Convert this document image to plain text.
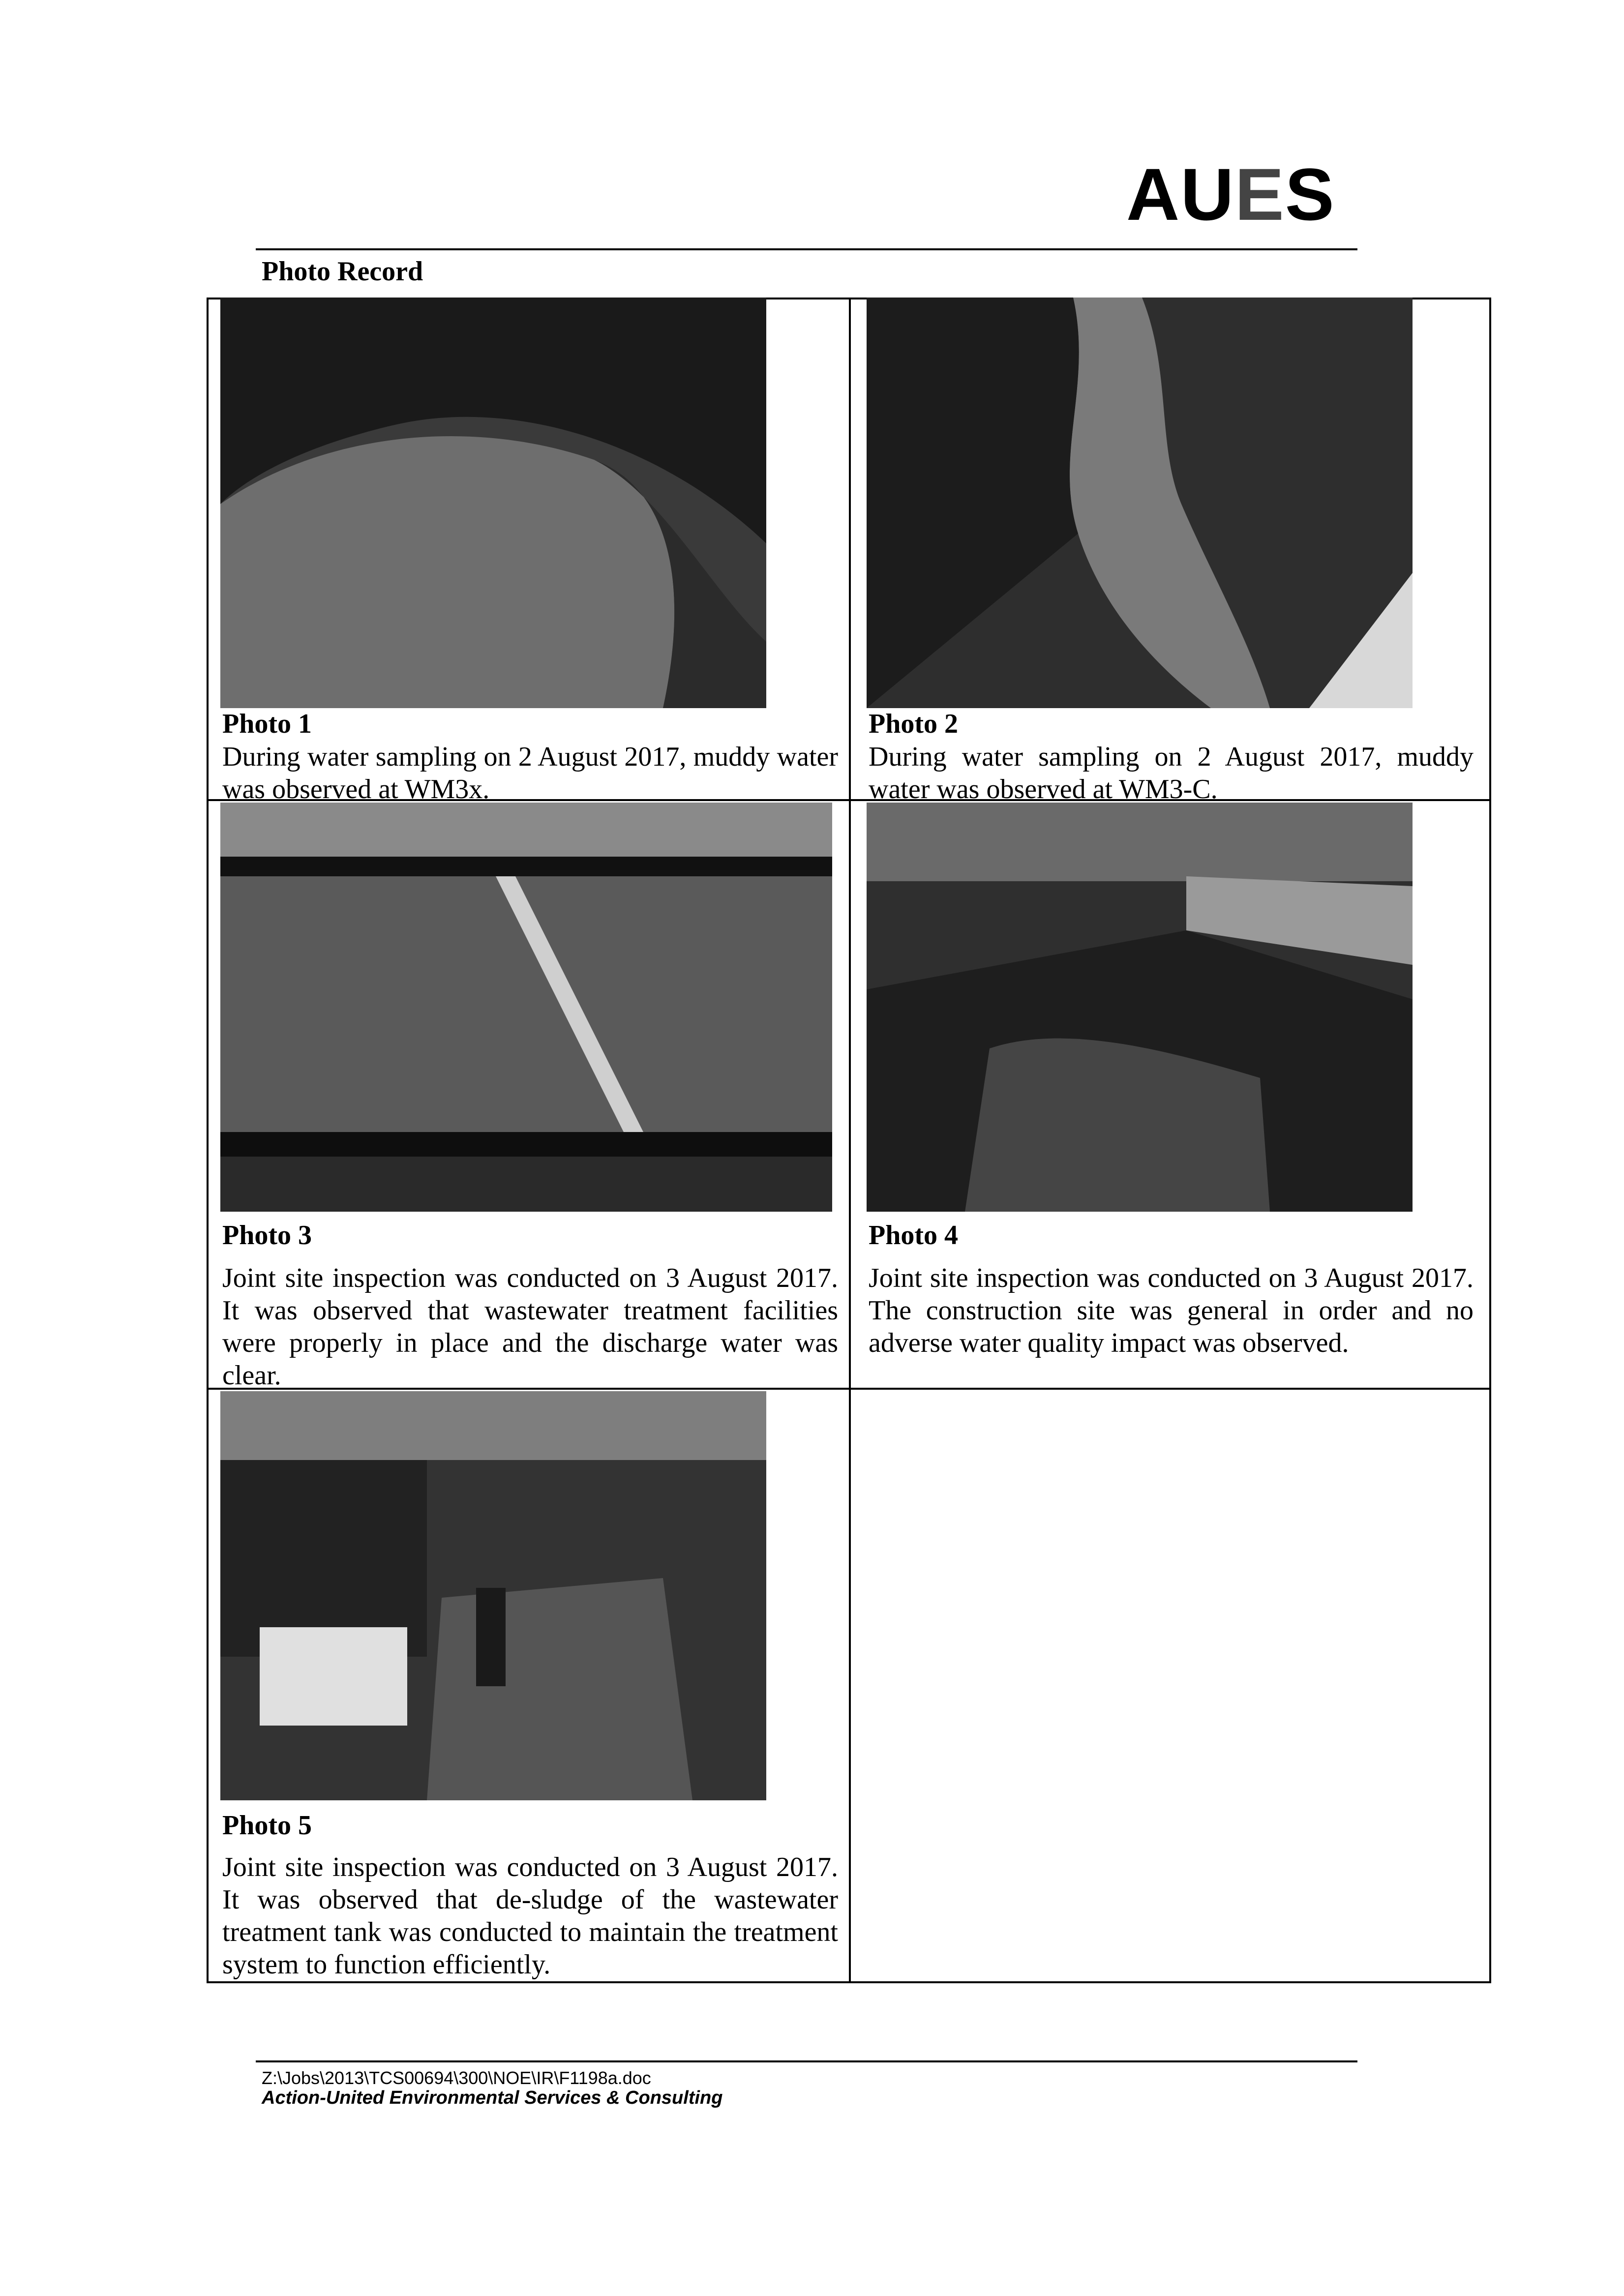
AUES
Photo Record
Photo 1
During water sampling on 2 August 2017, muddy water was observed at WM3x.
Photo 2
During water sampling on 2 August 2017, muddy water was observed at WM3-C.
Photo 3
Joint site inspection was conducted on 3 August 2017. It was observed that wastewater treatment facilities were properly in place and the discharge water was clear.
Photo 4
Joint site inspection was conducted on 3 August 2017. The construction site was general in order and no adverse water quality impact was observed.
Photo 5
Joint site inspection was conducted on 3 August 2017. It was observed that de-sludge of the wastewater treatment tank was conducted to maintain the treatment system to function efficiently.
Z:\Jobs\2013\TCS00694\300\NOE\IR\F1198a.doc
Action-United Environmental Services & Consulting
